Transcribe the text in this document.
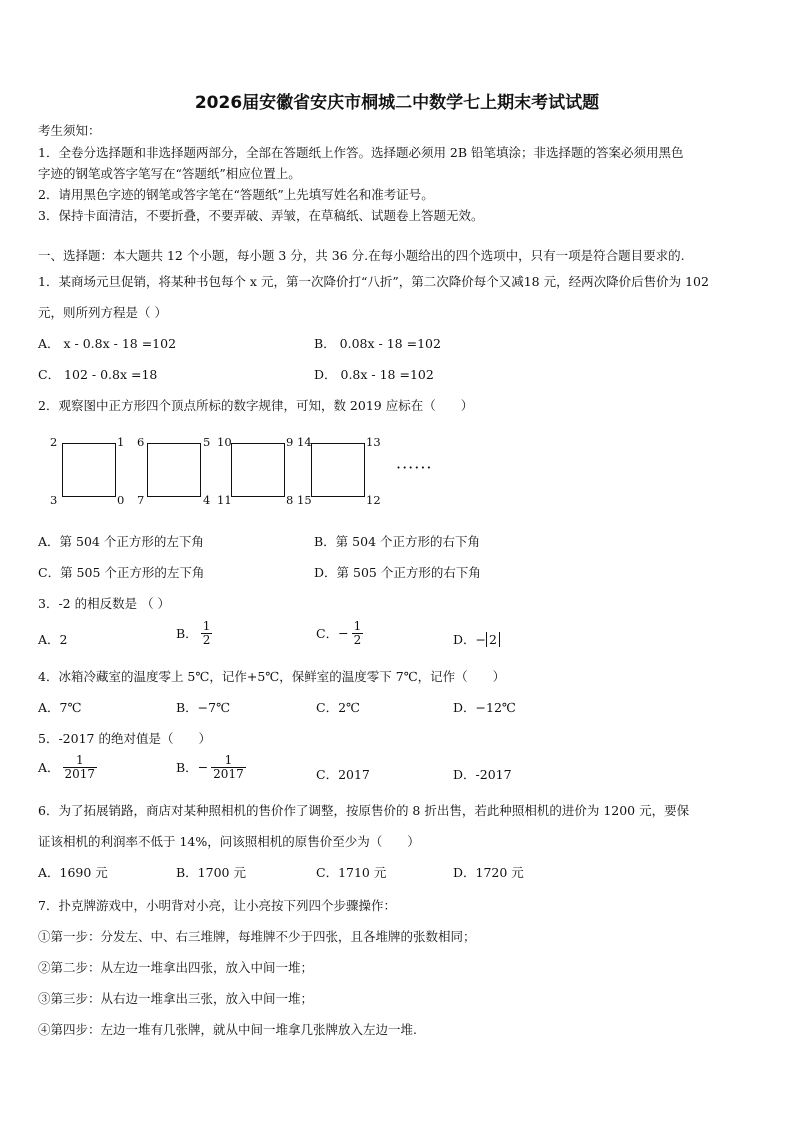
2026届安徽省安庆市桐城二中数学七上期末考试试题
考生须知：
1．全卷分选择题和非选择题两部分，全部在答题纸上作答。选择题必须用 2B 铅笔填涂；非选择题的答案必须用黑色
字迹的钢笔或答字笔写在“答题纸”相应位置上。
2．请用黑色字迹的钢笔或答字笔在“答题纸”上先填写姓名和准考证号。
3．保持卡面清洁，不要折叠，不要弄破、弄皱，在草稿纸、试题卷上答题无效。
一、选择题：本大题共 12 个小题，每小题 3 分，共 36 分.在每小题给出的四个选项中，只有一项是符合题目要求的.
1．某商场元旦促销，将某种书包每个 x 元，第一次降价打“八折”，第二次降价每个又减18 元，经两次降价后售价为 102
元，则所列方程是（ ）
A． x - 0.8x - 18 =102	B． 0.08x - 18 =102
C． 102 - 0.8x =18	D． 0.8x - 18 =102
2．观察图中正方形四个顶点所标的数字规律，可知，数 2019 应标在（　　）
2	1
3	0
6	5
7	4
10	9
11	8
14	13
15	12
······
A．第 504 个正方形的左下角	B．第 504 个正方形的右下角
C．第 505 个正方形的左下角	D．第 505 个正方形的右下角
3．-2 的相反数是 （ ）
A．2	B． $\frac{1}{2}$	C．− $\frac{1}{2}$	D．− 2
4．冰箱冷藏室的温度零上 5℃，记作+5℃，保鲜室的温度零下 7℃，记作（　　）
A．7℃	B．−7℃	C．2℃	D．−12℃
5．-2017 的绝对值是（　　）
A． $\frac{1}{2017}$	B．− $\frac{1}{2017}$	C．2017	D．-2017
6．为了拓展销路，商店对某种照相机的售价作了调整，按原售价的 8 折出售，若此种照相机的进价为 1200 元，要保
证该相机的利润率不低于 14%，问该照相机的原售价至少为（　　）
A．1690 元	B．1700 元	C．1710 元	D．1720 元
7．扑克牌游戏中，小明背对小亮，让小亮按下列四个步骤操作：
①第一步：分发左、中、右三堆牌，每堆牌不少于四张，且各堆牌的张数相同；
②第二步：从左边一堆拿出四张，放入中间一堆；
③第三步：从右边一堆拿出三张，放入中间一堆；
④第四步：左边一堆有几张牌，就从中间一堆拿几张牌放入左边一堆.
